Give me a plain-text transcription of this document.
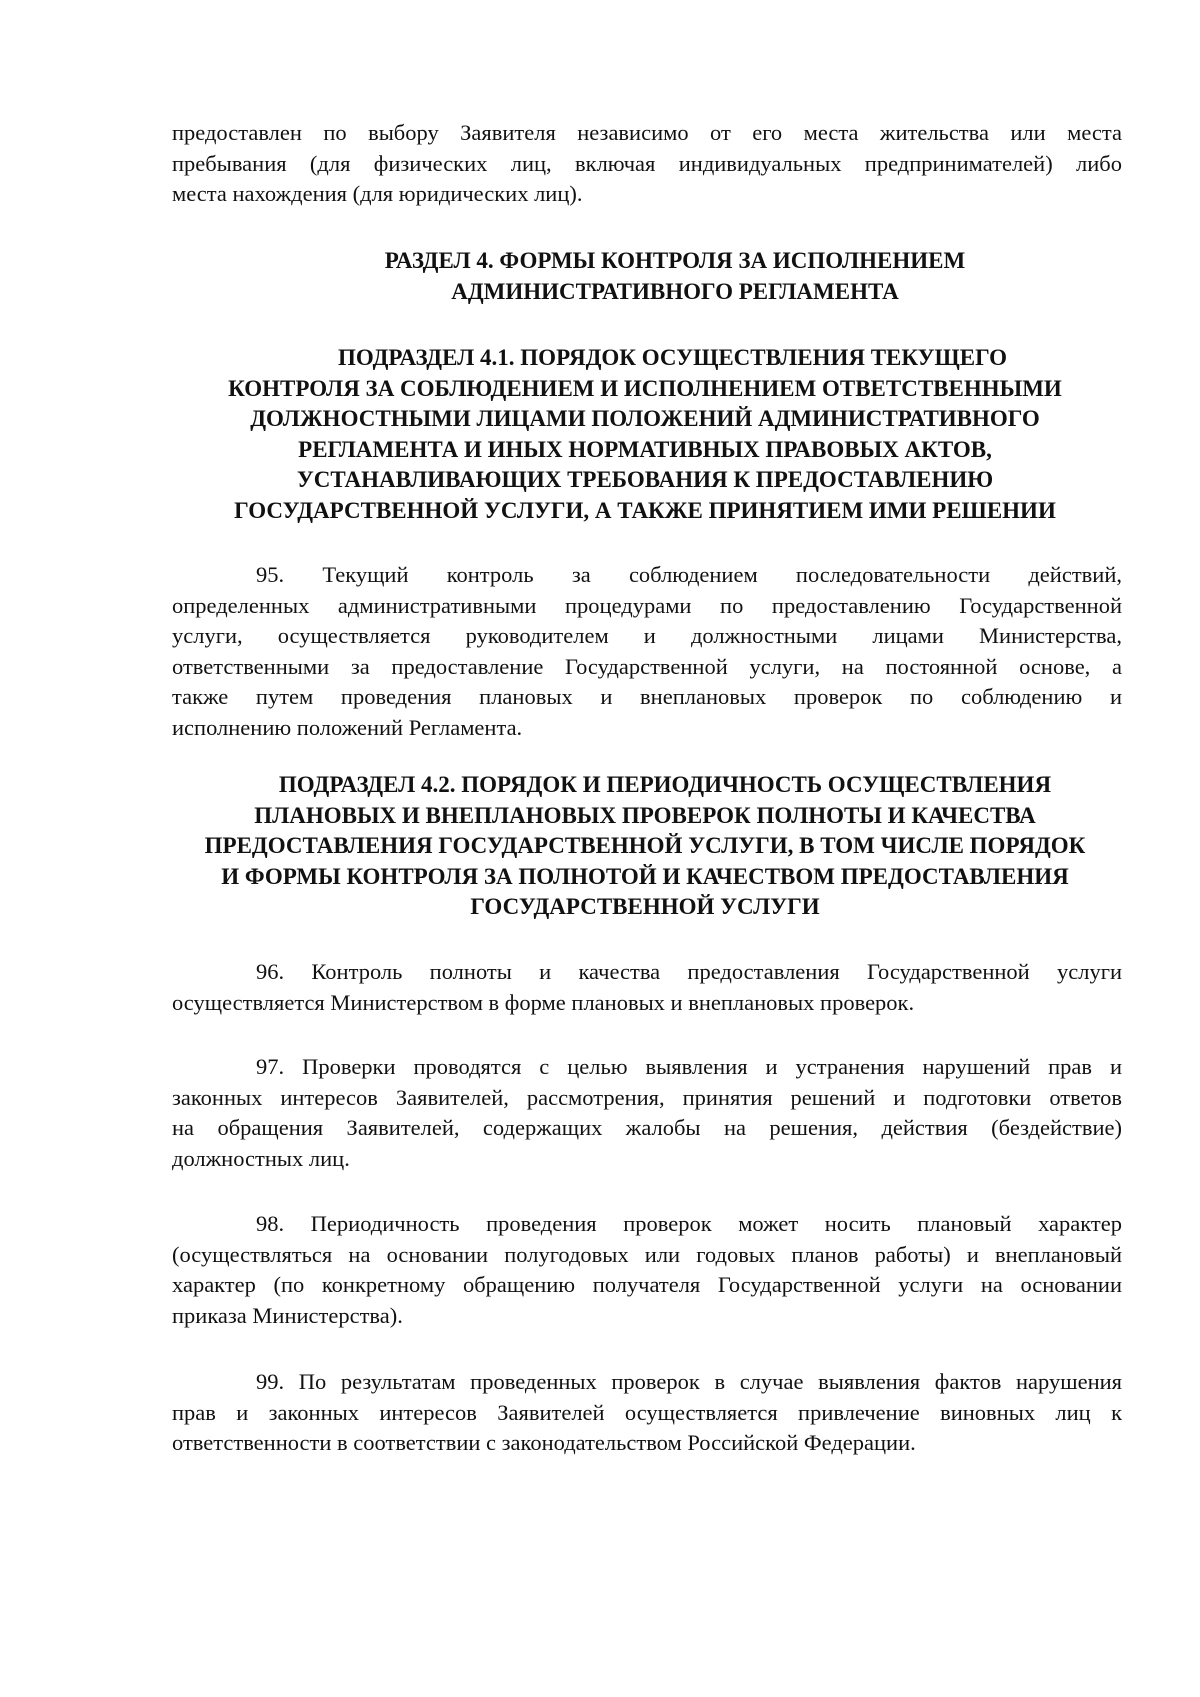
предоставлен по выбору Заявителя независимо от его места жительства или места
пребывания (для физических лиц, включая индивидуальных предпринимателей) либо
места нахождения (для юридических лиц).
РАЗДЕЛ 4. ФОРМЫ КОНТРОЛЯ ЗА ИСПОЛНЕНИЕМ
АДМИНИСТРАТИВНОГО РЕГЛАМЕНТА
ПОДРАЗДЕЛ 4.1. ПОРЯДОК ОСУЩЕСТВЛЕНИЯ ТЕКУЩЕГО
КОНТРОЛЯ ЗА СОБЛЮДЕНИЕМ И ИСПОЛНЕНИЕМ ОТВЕТСТВЕННЫМИ
ДОЛЖНОСТНЫМИ ЛИЦАМИ ПОЛОЖЕНИЙ АДМИНИСТРАТИВНОГО
РЕГЛАМЕНТА И ИНЫХ НОРМАТИВНЫХ ПРАВОВЫХ АКТОВ,
УСТАНАВЛИВАЮЩИХ ТРЕБОВАНИЯ К ПРЕДОСТАВЛЕНИЮ
ГОСУДАРСТВЕННОЙ УСЛУГИ, А ТАКЖЕ ПРИНЯТИЕМ ИМИ РЕШЕНИИ
95. Текущий контроль за соблюдением последовательности действий,
определенных административными процедурами по предоставлению Государственной
услуги, осуществляется руководителем и должностными лицами Министерства,
ответственными за предоставление Государственной услуги, на постоянной основе, а
также путем проведения плановых и внеплановых проверок по соблюдению и
исполнению положений Регламента.
ПОДРАЗДЕЛ 4.2. ПОРЯДОК И ПЕРИОДИЧНОСТЬ ОСУЩЕСТВЛЕНИЯ
ПЛАНОВЫХ И ВНЕПЛАНОВЫХ ПРОВЕРОК ПОЛНОТЫ И КАЧЕСТВА
ПРЕДОСТАВЛЕНИЯ ГОСУДАРСТВЕННОЙ УСЛУГИ, В ТОМ ЧИСЛЕ ПОРЯДОК
И ФОРМЫ КОНТРОЛЯ ЗА ПОЛНОТОЙ И КАЧЕСТВОМ ПРЕДОСТАВЛЕНИЯ
ГОСУДАРСТВЕННОЙ УСЛУГИ
96. Контроль полноты и качества предоставления Государственной услуги
осуществляется Министерством в форме плановых и внеплановых проверок.
97. Проверки проводятся с целью выявления и устранения нарушений прав и
законных интересов Заявителей, рассмотрения, принятия решений и подготовки ответов
на обращения Заявителей, содержащих жалобы на решения, действия (бездействие)
должностных лиц.
98. Периодичность проведения проверок может носить плановый характер
(осуществляться на основании полугодовых или годовых планов работы) и внеплановый
характер (по конкретному обращению получателя Государственной услуги на основании
приказа Министерства).
99. По результатам проведенных проверок в случае выявления фактов нарушения
прав и законных интересов Заявителей осуществляется привлечение виновных лиц к
ответственности в соответствии с законодательством Российской Федерации.
